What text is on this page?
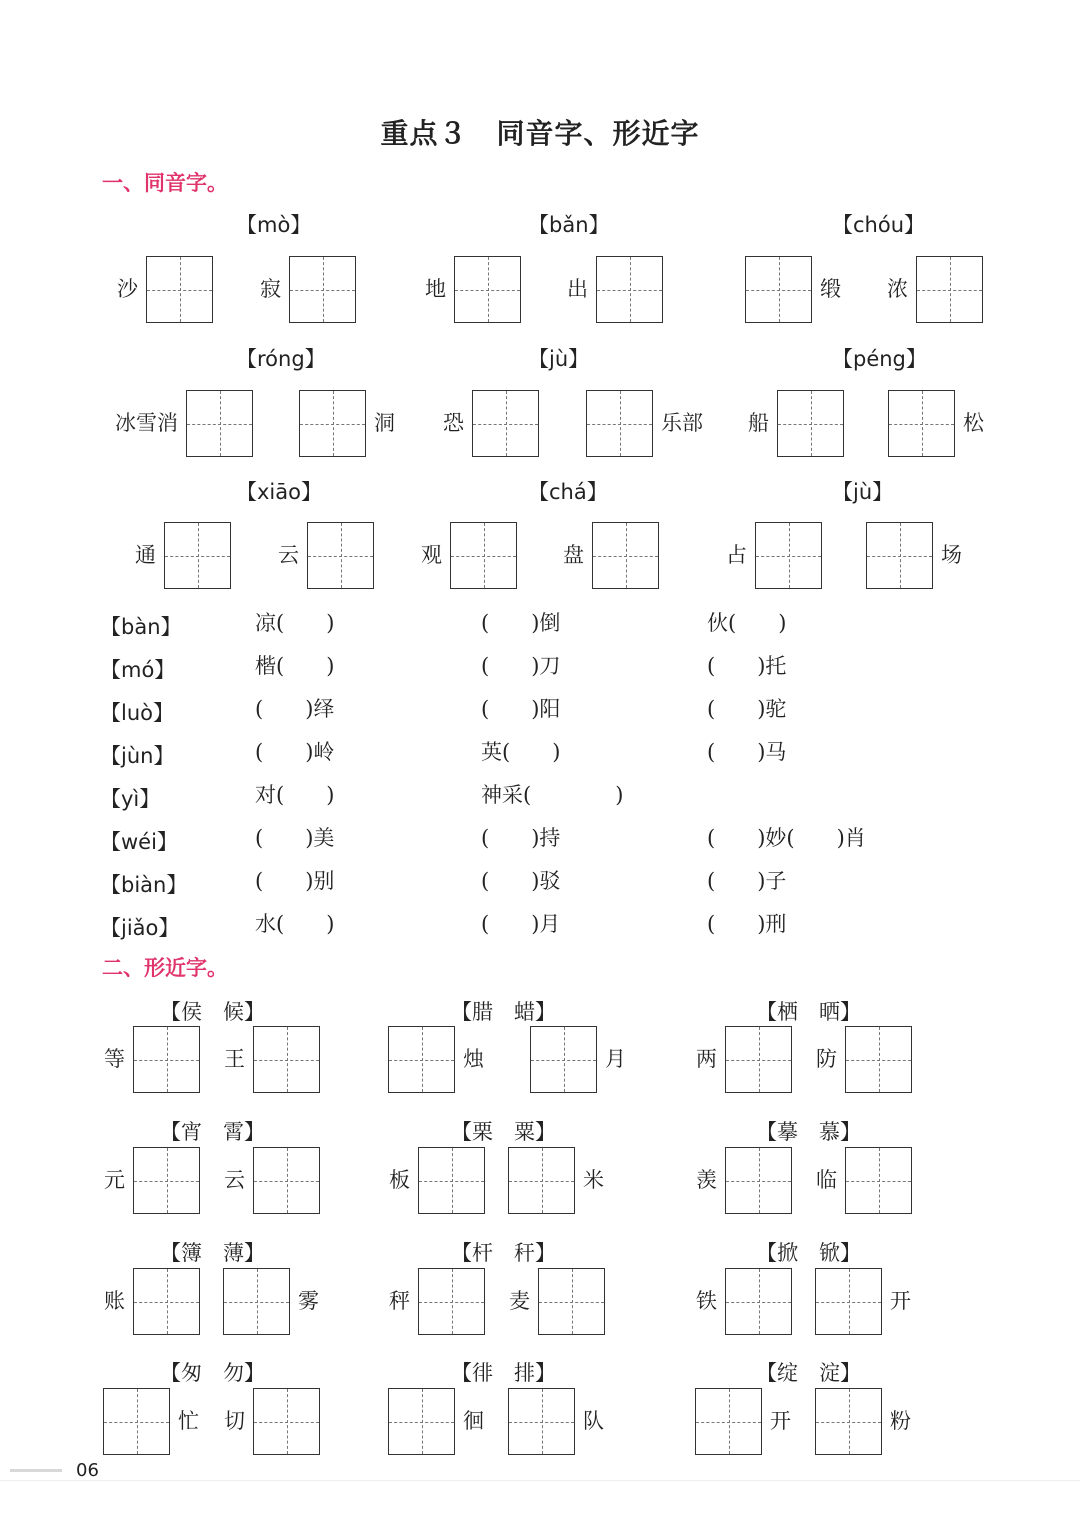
重点３　同音字、形近字
一、同音字。
二、形近字。
【mò】
沙	寂
【bǎn】
地	出
【chóu】
缎 浓
【róng】
冰雪消	洞
【jù】
恐	乐部
【péng】
船	松
【xiāo】
通	云
【chá】
观	盘
【jù】
占	场
【bàn】	凉(　　)	(　　)倒	伙(　　)
【mó】	楷(　　)	(　　)刀	(　　)托
【luò】	(　　)绎	(　　)阳	(　　)驼
【jùn】	(　　)岭	英(　　)	(　　)马
【yì】	对(　　)	神采(　　　　)
【wéi】	(　　)美	(　　)持	(　　)妙(　　)肖
【biàn】	(　　)别	(　　)驳	(　　)子
【jiǎo】	水(　　)	(　　)月	(　　)刑
【侯　候】
等	王
【腊　蜡】
烛	月
【栖　晒】
两	防
【宵　霄】
元	云
【栗　粟】
板	米
【摹　慕】
羡	临
【簿　薄】
账	雾
【杆　秆】
秤	麦
【掀　锨】
铁	开
【匆　勿】
忙 切
【徘　排】
徊	队
【绽　淀】
开	粉
06
